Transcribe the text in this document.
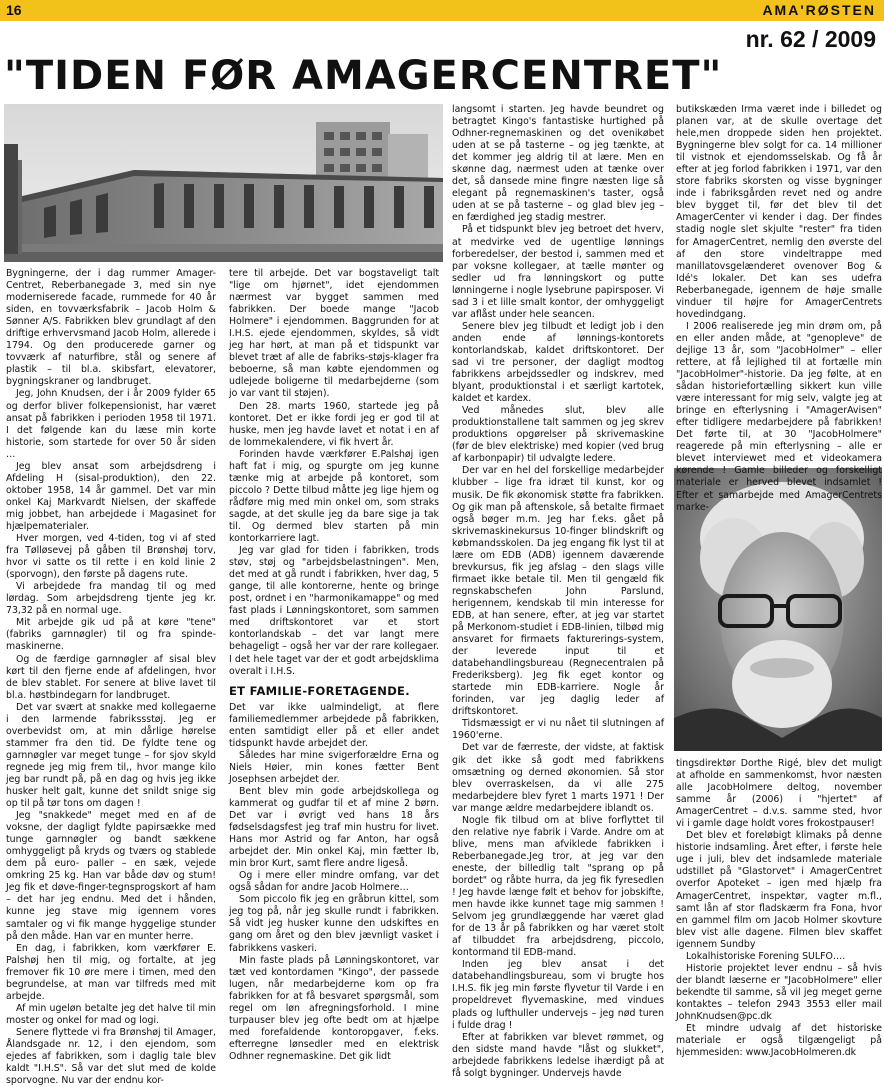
16	AMA'RØSTEN
nr. 62 / 2009
"TIDEN FØR AMAGERCENTRET"

Bygningerne, der i dag rummer Amager-Centret, Reberbanegade 3, med sin nye moderniserede facade, rummede for 40 år siden, en tovværksfabrik – Jacob Holm & Sønner A/S. Fabrikken blev grundlagt af den driftige erhvervsmand Jacob Holm, allerede i 1794. Og den producerede garner og tovværk af naturfibre, stål og senere af plastik – til bl.a. skibsfart, elevatorer, bygningskraner og landbruget.

Jeg, John Knudsen, der i år 2009 fylder 65 og derfor bliver folkepensionist, har været ansat på fabrikken i perioden 1958 til 1971. I det følgende kan du læse min korte historie, som startede for over 50 år siden …

Jeg blev ansat som arbejdsdreng i Afdeling H (sisal-produktion), den 22. oktober 1958, 14 år gammel. Det var min onkel Kaj Markvardt Nielsen, der skaffede mig jobbet, han arbejdede i Magasinet for hjælpematerialer.

Hver morgen, ved 4-tiden, tog vi af sted fra Tølløsevej på gåben til Brønshøj torv, hvor vi satte os til rette i en kold linie 2 (sporvogn), den første på dagens rute.

Vi arbejdede fra mandag til og med lørdag. Som arbejdsdreng tjente jeg kr. 73,32 på en normal uge.

Mit arbejde gik ud på at køre "tene" (fabriks garnnøgler) til og fra spinde-maskinerne.

Og de færdige garnnøgler af sisal blev kørt til den fjerne ende af afdelingen, hvor de blev stablet. For senere at blive lavet til bl.a. høstbindegarn for landbruget.

Det var svært at snakke med kollegaerne i den larmende fabrikssstøj. Jeg er overbevidst om, at min dårlige hørelse stammer fra den tid. De fyldte tene og garnnøgler var meget tunge – for sjov skyld regnede jeg mig frem til,, hvor mange kilo jeg bar rundt på, på en dag og hvis jeg ikke husker helt galt, kunne det snildt snige sig op til på tør tons om dagen !

Jeg "snakkede" meget med en af de voksne, der dagligt fyldte papirsække med tunge garnnøgler og bandt sækkene omhyggeligt på kryds og tværs og stablede dem på euro- paller – en sæk, vejede omkring 25 kg. Han var både døv og stum! Jeg fik et døve-finger-tegnsprogskort af ham – det har jeg endnu. Med det i hånden, kunne jeg stave mig igennem vores samtaler og vi fik mange hyggelige stunder på den måde. Han var en munter herre.

En dag, i fabrikken, kom værkfører E. Palshøj hen til mig, og fortalte, at jeg fremover fik 10 øre mere i timen, med den begrundelse, at man var tilfreds med mit arbejde.

Af min ugeløn betalte jeg det halve til min moster og onkel for mad og logi.

Senere flyttede vi fra Brønshøj til Amager, Ålandsgade nr. 12, i den ejendom, som ejedes af fabrikken, som i daglig tale blev kaldt "I.H.S". Så var det slut med de kolde sporvogne. Nu var der endnu kor-

tere til arbejde. Det var bogstaveligt talt "lige om hjørnet", idet ejendommen nærmest var bygget sammen med fabrikken. Der boede mange "Jacob Holmere" i ejendommen. Baggrunden for at I.H.S. ejede ejendommen, skyldes, så vidt jeg har hørt, at man på et tidspunkt var blevet træt af alle de fabriks-støjs-klager fra beboerne, så man købte ejendommen og udlejede boligerne til medarbejderne (som jo var vant til støjen).

Den 28. marts 1960, startede jeg på kontoret. Det er ikke fordi jeg er god til at huske, men jeg havde lavet et notat i en af de lommekalendere, vi fik hvert år.

Forinden havde værkfører E.Palshøj igen haft fat i mig, og spurgte om jeg kunne tænke mig at arbejde på kontoret, som piccolo ? Dette tilbud måtte jeg lige hjem og rådføre mig med min onkel om, som straks sagde, at det skulle jeg da bare sige ja tak til. Og dermed blev starten på min kontorkarriere lagt.

Jeg var glad for tiden i fabrikken, trods støv, støj og "arbejdsbelastningen". Men, det med at gå rundt i fabrikken, hver dag, 5 gange, til alle kontorerne, hente og bringe post, ordnet i en "harmonikamappe" og med fast plads i Lønningskontoret, som sammen med driftskontoret var et stort kontorlandskab – det var langt mere behageligt – også her var der rare kollegaer. I det hele taget var der et godt arbejdsklima overalt i I.H.S.

ET FAMILIE-FORETAGENDE.

Det var ikke ualmindeligt, at flere familiemedlemmer arbejdede på fabrikken, enten samtidigt eller på et eller andet tidspunkt havde arbejdet der.

Således har mine svigerforældre Erna og Niels Høier, min kones fætter Bent Josephsen arbejdet der.

Bent blev min gode arbejdskollega og kammerat og gudfar til et af mine 2 børn. Det var i øvrigt ved hans 18 års fødselsdagsfest jeg traf min hustru for livet. Hans mor Astrid og far Anton, har også arbejdet der. Min onkel Kaj, min fætter Ib, min bror Kurt, samt flere andre ligeså.

Og i mere eller mindre omfang, var det også sådan for andre Jacob Holmere…

Som piccolo fik jeg en gråbrun kittel, som jeg tog på, når jeg skulle rundt i fabrikken. Så vidt jeg husker kunne den udskiftes en gang om året og den blev jævnligt vasket i fabrikkens vaskeri.

Min faste plads på Lønningskontoret, var tæt ved kontordamen "Kingo", der passede lugen, når medarbejderne kom op fra fabrikken for at få besvaret spørgsmål, som regel om løn afregningsforhold. I mine turpauser blev jeg ofte bedt om at hjælpe med forefaldende kontoropgaver, f.eks. efterregne lønsedler med en elektrisk Odhner regnemaskine. Det gik lidt

langsomt i starten. Jeg havde beundret og betragtet Kingo's fantastiske hurtighed på Odhner-regnemaskinen og det ovenikøbet uden at se på tasterne – og jeg tænkte, at det kommer jeg aldrig til at lære. Men en skønne dag, nærmest uden at tænke over det, så dansede mine fingre næsten lige så elegant på regnemaskinen's taster, også uden at se på tasterne – og glad blev jeg – en færdighed jeg stadig mestrer.

På et tidspunkt blev jeg betroet det hverv, at medvirke ved de ugentlige lønnings forberedelser, der bestod i, sammen med et par voksne kollegaer, at tælle mønter og sedler ud fra lønningskort og putte lønningerne i nogle lysebrune papirsposer. Vi sad 3 i et lille smalt kontor, der omhyggeligt var aflåst under hele seancen.

Senere blev jeg tilbudt et ledigt job i den anden ende af lønnings-kontorets kontorlandskab, kaldet driftskontoret. Der sad vi tre personer, der dagligt modtog fabrikkens arbejdssedler og indskrev, med blyant, produktionstal i et særligt kartotek, kaldet et kardex.

Ved månedes slut, blev alle produktionstallene talt sammen og jeg skrev produktions opgørelser på skrivemaskine (før de blev elektriske) med kopier (ved brug af karbonpapir) til udvalgte ledere.

Der var en hel del forskellige medarbejder klubber – lige fra idræt til kunst, kor og musik. De fik økonomisk støtte fra fabrikken. Og gik man på aftenskole, så betalte firmaet også bøger m.m. Jeg har f.eks. gået på skrivemaskinekursus 10-finger blindskrift og købmandsskolen. Da jeg engang fik lyst til at lære om EDB (ADB) igennem daværende brevkursus, fik jeg afslag – den slags ville firmaet ikke betale til. Men til gengæld fik regnskabschefen John Parslund, herigennem, kendskab til min interesse for EDB, at han senere, efter, at jeg var startet på Merkonom-studiet i EDB-linien, tilbød mig ansvaret for firmaets fakturerings-system, der leverede input til et databehandlingsbureau (Regnecentralen på Frederiksberg). Jeg fik eget kontor og startede min EDB-karriere. Nogle år forinden, var jeg daglig leder af driftskontoret.

Tidsmæssigt er vi nu nået til slutningen af 1960'erne.

Det var de færreste, der vidste, at faktisk gik det ikke så godt med fabrikkens omsætning og derned økonomien. Så stor blev overraskelsen, da vi alle 275 medarbejdere blev fyret 1 marts 1971 ! Der var mange ældre medarbejdere iblandt os.

Nogle fik tilbud om at blive forflyttet til den relative nye fabrik i Varde. Andre om at blive, mens man afviklede fabrikken i Reberbanegade.Jeg tror, at jeg var den eneste, der billedlig talt "sprang op på bordet" og råbte hurra, da jeg fik fyresedlen ! Jeg havde længe følt et behov for jobskifte, men havde ikke kunnet tage mig sammen ! Selvom jeg grundlæggende har været glad for de 13 år på fabrikken og har været stolt af tilbuddet fra arbejdsdreng, piccolo, kontormand til EDB-mand.

Inden jeg blev ansat i det databehandlingsbureau, som vi brugte hos I.H.S. fik jeg min første flyvetur til Varde i en propeldrevet flyvemaskine, med vindues plads og lufthuller undervejs – jeg nød turen i fulde drag !

Efter at fabrikken var blevet rømmet, og den sidste mand havde "låst og slukket", arbejdede fabrikkens ledelse ihærdigt på at få solgt bygninger. Undervejs havde

butikskæden Irma været inde i billedet og planen var, at de skulle overtage det hele,men droppede siden hen projektet. Bygningerne blev solgt for ca. 14 millioner til vistnok et ejendomsselskab. Og få år efter at jeg forlod fabrikken i 1971, var den store fabriks skorsten og visse bygninger inde i fabriksgården revet ned og andre blev bygget til, før det blev til det AmagerCenter vi kender i dag. Der findes stadig nogle slet skjulte "rester" fra tiden for AmagerCentret, nemlig den øverste del af den store vindeltrappe med manillatovsgelænderet ovenover Bog & Idé's lokaler. Det kan ses udefra Reberbanegade, igennem de høje smalle vinduer til højre for AmagerCentrets hovedindgang.

I 2006 realiserede jeg min drøm om, på en eller anden måde, at "genopleve" de dejlige 13 år, som "JacobHolmer" – eller rettere, at få lejlighed til at fortælle min "JacobHolmer"-historie. Da jeg følte, at en sådan historiefortælling sikkert kun ville være interessant for mig selv, valgte jeg at bringe en efterlysning i "AmagerAvisen" efter tidligere medarbejdere på fabrikken! Det førte til, at 30 "JacobHolmere" reagerede på min efterlysning – alle er blevet interviewet med et videokamera kørende ! Gamle billeder og forskelligt materiale er herved blevet indsamlet ! Efter et samarbejde med AmagerCentrets marke-

tingsdirektør Dorthe Rigé, blev det muligt at afholde en sammenkomst, hvor næsten alle JacobHolmere deltog, november samme år (2006) i "hjertet" af AmagerCentret – d.v.s. samme sted, hvor vi i gamle dage holdt vores frokostpauser!

Det blev et foreløbigt klimaks på denne historie indsamling. Året efter, i første hele uge i juli, blev det indsamlede materiale udstillet på "Glastorvet" i AmagerCentret overfor Apoteket – igen med hjælp fra AmagerCentret, inspektør, vagter m.fl., samt lån af stor fladskærm fra Fona, hvor en gammel film om Jacob Holmer skovture blev vist alle dagene. Filmen blev skaffet igennem Sundby

Lokalhistoriske Forening SULFO….

Historie projektet lever endnu – så hvis der blandt læserne er "JacobHolmere" eller bekendte til samme, så vil jeg meget gerne kontaktes – telefon 2943 3553 eller mail JohnKnudsen@pc.dk

Et mindre udvalg af det historiske materiale er også tilgængeligt på hjemmesiden: www.JacobHolmeren.dk
